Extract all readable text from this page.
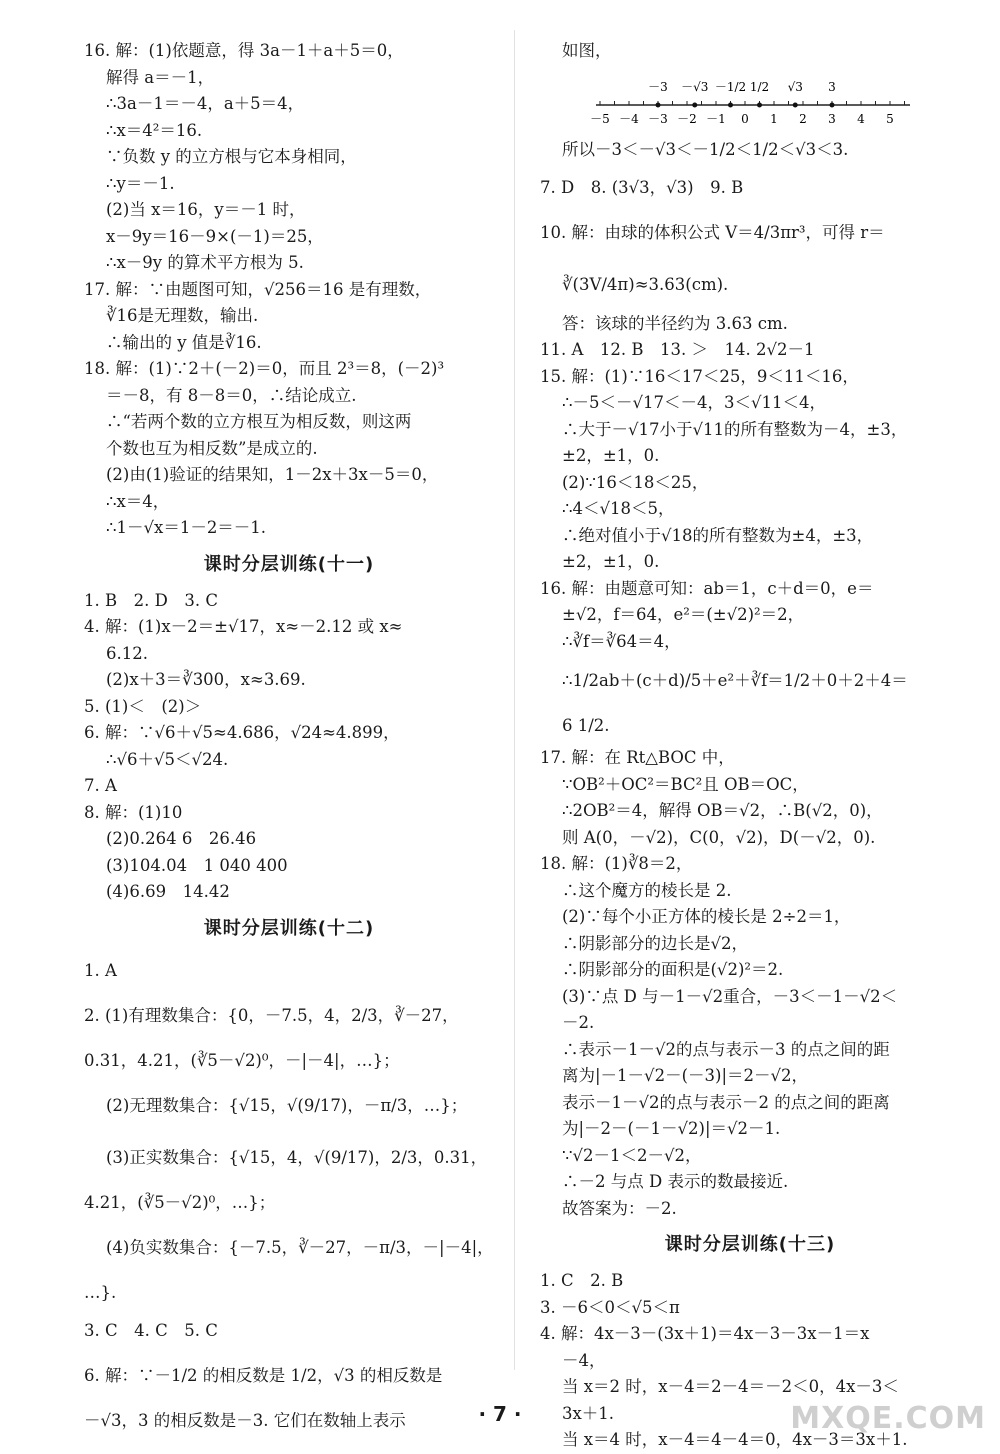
16. 解：(1)依题意，得 3a－1＋a＋5＝0，
解得 a＝－1，
∴3a－1＝－4，a＋5＝4，
∴x＝4²＝16.
∵负数 y 的立方根与它本身相同，
∴y＝－1.
(2)当 x＝16，y＝－1 时，
x－9y＝16－9×(－1)＝25，
∴x－9y 的算术平方根为 5.
17. 解：∵由题图可知，√256＝16 是有理数，
∛16是无理数，输出.
∴输出的 y 值是∛16.
18. 解：(1)∵2＋(－2)＝0，而且 2³＝8，(－2)³
＝－8，有 8－8＝0，∴结论成立.
∴“若两个数的立方根互为相反数，则这两
个数也互为相反数”是成立的.
(2)由(1)验证的结果知，1－2x＋3x－5＝0，
∴x＝4，
∴1－√x＝1－2＝－1.
课时分层训练(十一)
1. B　2. D　3. C
4. 解：(1)x－2＝±√17，x≈－2.12 或 x≈
6.12.
(2)x＋3＝∛300，x≈3.69.
5. (1)＜　(2)＞
6. 解：∵√6＋√5≈4.686，√24≈4.899，
∴√6＋√5＜√24.
7. A
8. 解：(1)10
(2)0.264 6　26.46
(3)104.04　1 040 400
(4)6.69　14.42
课时分层训练(十二)
1. A
2. (1)有理数集合：{0，－7.5，4，2/3，∛－27，
0.31，4.21，(∛5－√2)⁰，－|－4|，…}；
(2)无理数集合：{√15，√(9/17)，－π/3，…}；
(3)正实数集合：{√15，4，√(9/17)，2/3，0.31，
4.21，(∛5－√2)⁰，…}；
(4)负实数集合：{－7.5，∛－27，－π/3，－|－4|，
…}.
3. C　4. C　5. C
6. 解：∵－1/2 的相反数是 1/2，√3 的相反数是
－√3，3 的相反数是－3. 它们在数轴上表示
如图，
－5 －4 －3 －2 －1 0 1 2 3 4 5
－3 －√3 －1/2 1/2 √3 3
所以－3＜－√3＜－1/2＜1/2＜√3＜3.
7. D　8. (3√3，√3)　9. B
10. 解：由球的体积公式 V＝4/3πr³，可得 r＝
∛(3V/4π)≈3.63(cm).
答：该球的半径约为 3.63 cm.
11. A　12. B　13. ＞　14. 2√2－1
15. 解：(1)∵16＜17＜25，9＜11＜16，
∴－5＜－√17＜－4，3＜√11＜4，
∴大于－√17小于√11的所有整数为－4，±3，
±2，±1，0.
(2)∵16＜18＜25，
∴4＜√18＜5，
∴绝对值小于√18的所有整数为±4，±3，
±2，±1，0.
16. 解：由题意可知：ab＝1，c＋d＝0，e＝
±√2，f＝64，e²＝(±√2)²＝2，
∴∛f＝∛64＝4，
∴1/2ab＋(c＋d)/5＋e²＋∛f＝1/2＋0＋2＋4＝
6 1/2.
17. 解：在 Rt△BOC 中，
∵OB²＋OC²＝BC²且 OB＝OC，
∴2OB²＝4，解得 OB＝√2，∴B(√2，0)，
则 A(0，－√2)，C(0，√2)，D(－√2，0).
18. 解：(1)∛8＝2，
∴这个魔方的棱长是 2.
(2)∵每个小正方体的棱长是 2÷2＝1，
∴阴影部分的边长是√2，
∴阴影部分的面积是(√2)²＝2.
(3)∵点 D 与－1－√2重合，－3＜－1－√2＜
－2.
∴表示－1－√2的点与表示－3 的点之间的距
离为|－1－√2－(－3)|＝2－√2，
表示－1－√2的点与表示－2 的点之间的距离
为|－2－(－1－√2)|＝√2－1.
∵√2－1＜2－√2，
∴－2 与点 D 表示的数最接近.
故答案为：－2.
课时分层训练(十三)
1. C　2. B
3. －6＜0＜√5＜π
4. 解：4x－3－(3x＋1)＝4x－3－3x－1＝x
－4，
当 x＝2 时，x－4＝2－4＝－2＜0，4x－3＜
3x＋1.
当 x＝4 时，x－4＝4－4＝0，4x－3＝3x＋1.
· 7 ·	MXQE.COM
